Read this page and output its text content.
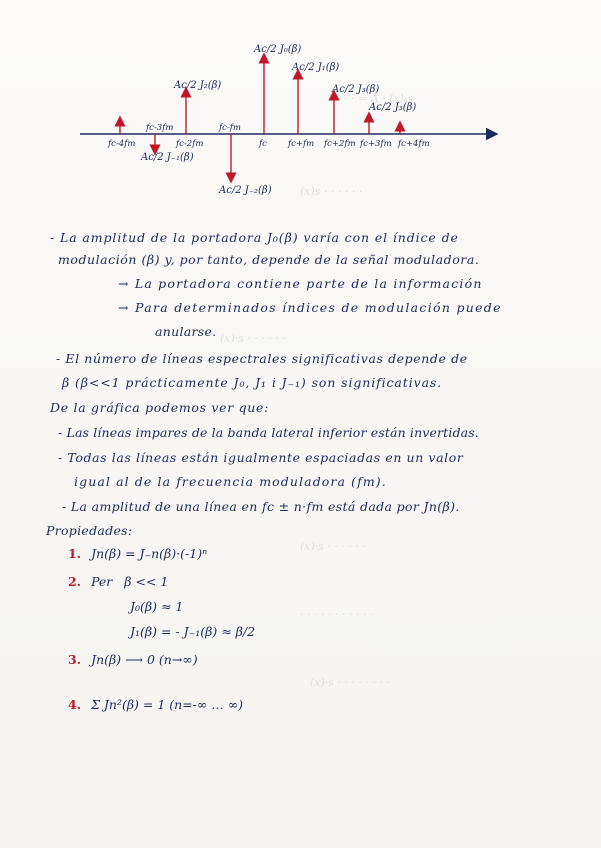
· · · · = A · (x)·s
(x)s · · · · · ·
(x)·s · · · · · ·
(x)·s · · · · · ·
· · · · · · · · · · ·
(x)·s · · · · · · · ·
Ac/2 J₀(β)
Ac/2 J₁(β)
Ac/2 J₂(β)	Ac/2 J₃(β)
Ac/2 J₋₁(β)
Ac/2 J₋₂(β)
Ac/2 J₃(β)
fc-4fm
fc-3fm
fc-2fm
fc-fm
fc fc+fm fc+2fm fc+3fm fc+4fm
- La amplitud de la portadora J₀(β) varía con el índice de
modulación (β) y, por tanto, depende de la señal moduladora.
→ La portadora contiene parte de la información
→ Para determinados índices de modulación puede
anularse.
- El número de líneas espectrales significativas depende de
β (β<<1 prácticamente J₀, J₁ i J₋₁) son significativas.
De la gráfica podemos ver que:
- Las líneas impares de la banda lateral inferior están invertidas.
- Todas las líneas están igualmente espaciadas en un valor
igual al de la frecuencia moduladora (fm).
- La amplitud de una línea en fc ± n·fm está dada por Jn(β).
Propiedades:
1. Jn(β) = J₋n(β)·(-1)ⁿ
2. Per   β << 1
J₀(β) ≈ 1
J₁(β) = - J₋₁(β) ≈ β/2
3. Jn(β) ⟶ 0 (n→∞)
4. Σ Jn²(β) = 1 (n=-∞ … ∞)
